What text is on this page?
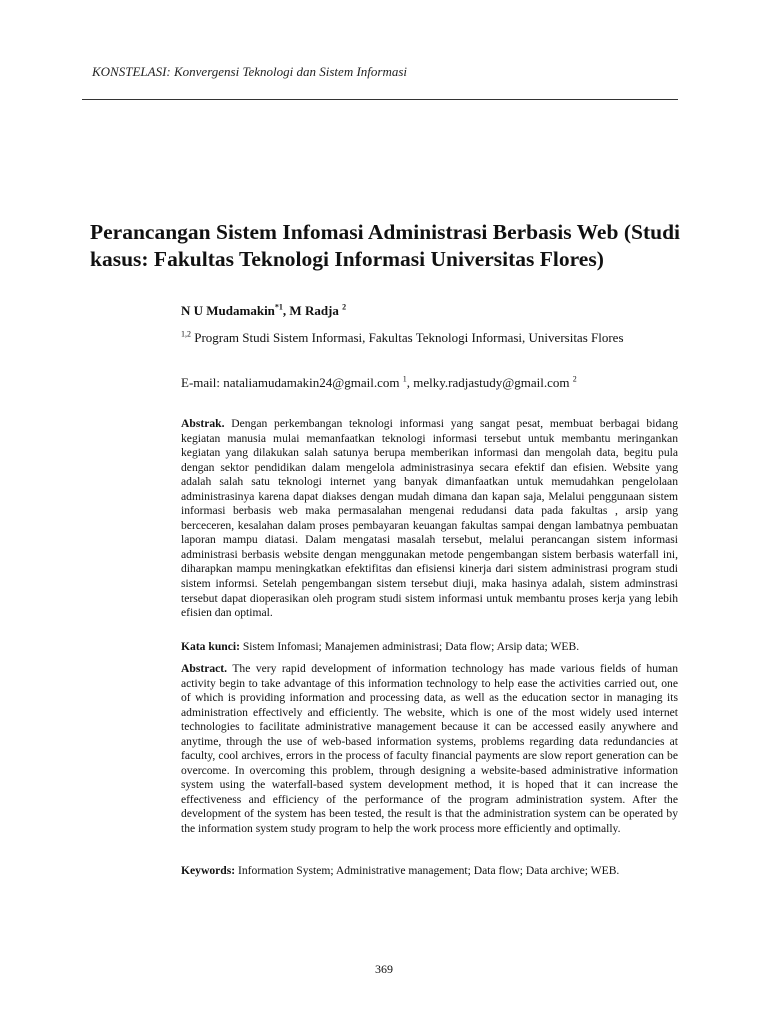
KONSTELASI: Konvergensi Teknologi dan Sistem Informasi
Perancangan Sistem Infomasi Administrasi Berbasis Web (Studi kasus: Fakultas Teknologi Informasi Universitas Flores)
N U Mudamakin$^{*1}$, M Radja $^2$
$^{1,2}$ Program Studi Sistem Informasi, Fakultas Teknologi Informasi, Universitas Flores
E-mail: nataliamudamakin24@gmail.com $^1$, melky.radjastudy@gmail.com $^2$

Abstrak. Dengan perkembangan teknologi informasi yang sangat pesat, membuat berbagai bidang kegiatan manusia mulai memanfaatkan teknologi informasi tersebut untuk membantu meringankan kegiatan yang dilakukan salah satunya berupa memberikan informasi dan mengolah data, begitu pula dengan sektor pendidikan dalam mengelola administrasinya secara efektif dan efisien. Website yang adalah salah satu teknologi internet yang banyak dimanfaatkan untuk memudahkan pengelolaan administrasinya karena dapat diakses dengan mudah dimana dan kapan saja, Melalui penggunaan sistem informasi berbasis web maka permasalahan mengenai redudansi data pada fakultas , arsip yang berceceren, kesalahan dalam proses pembayaran keuangan fakultas sampai dengan lambatnya pembuatan laporan mampu diatasi. Dalam mengatasi masalah tersebut, melalui perancangan sistem informasi administrasi berbasis website dengan menggunakan metode pengembangan sistem berbasis waterfall ini, diharapkan mampu meningkatkan efektifitas dan efisiensi kinerja dari sistem administrasi program studi sistem informsi. Setelah pengembangan sistem tersebut diuji, maka hasinya adalah, sistem adminstrasi tersebut dapat dioperasikan oleh program studi sistem informasi untuk membantu proses kerja yang lebih efisien dan optimal.

Kata kunci: Sistem Infomasi; Manajemen administrasi; Data flow; Arsip data; WEB.

Abstract. The very rapid development of information technology has made various fields of human activity begin to take advantage of this information technology to help ease the activities carried out, one of which is providing information and processing data, as well as the education sector in managing its administration effectively and efficiently. The website, which is one of the most widely used internet technologies to facilitate administrative management because it can be accessed easily anywhere and anytime, through the use of web-based information systems, problems regarding data redundancies at faculty, cool archives, errors in the process of faculty financial payments are slow report generation can be overcome. In overcoming this problem, through designing a website-based administrative information system using the waterfall-based system development method, it is hoped that it can increase the effectiveness and efficiency of the performance of the program administration system. After the development of the system has been tested, the result is that the administration system can be operated by the information system study program to help the work process more efficiently and optimally.

Keywords: Information System; Administrative management; Data flow; Data archive; WEB.

369
